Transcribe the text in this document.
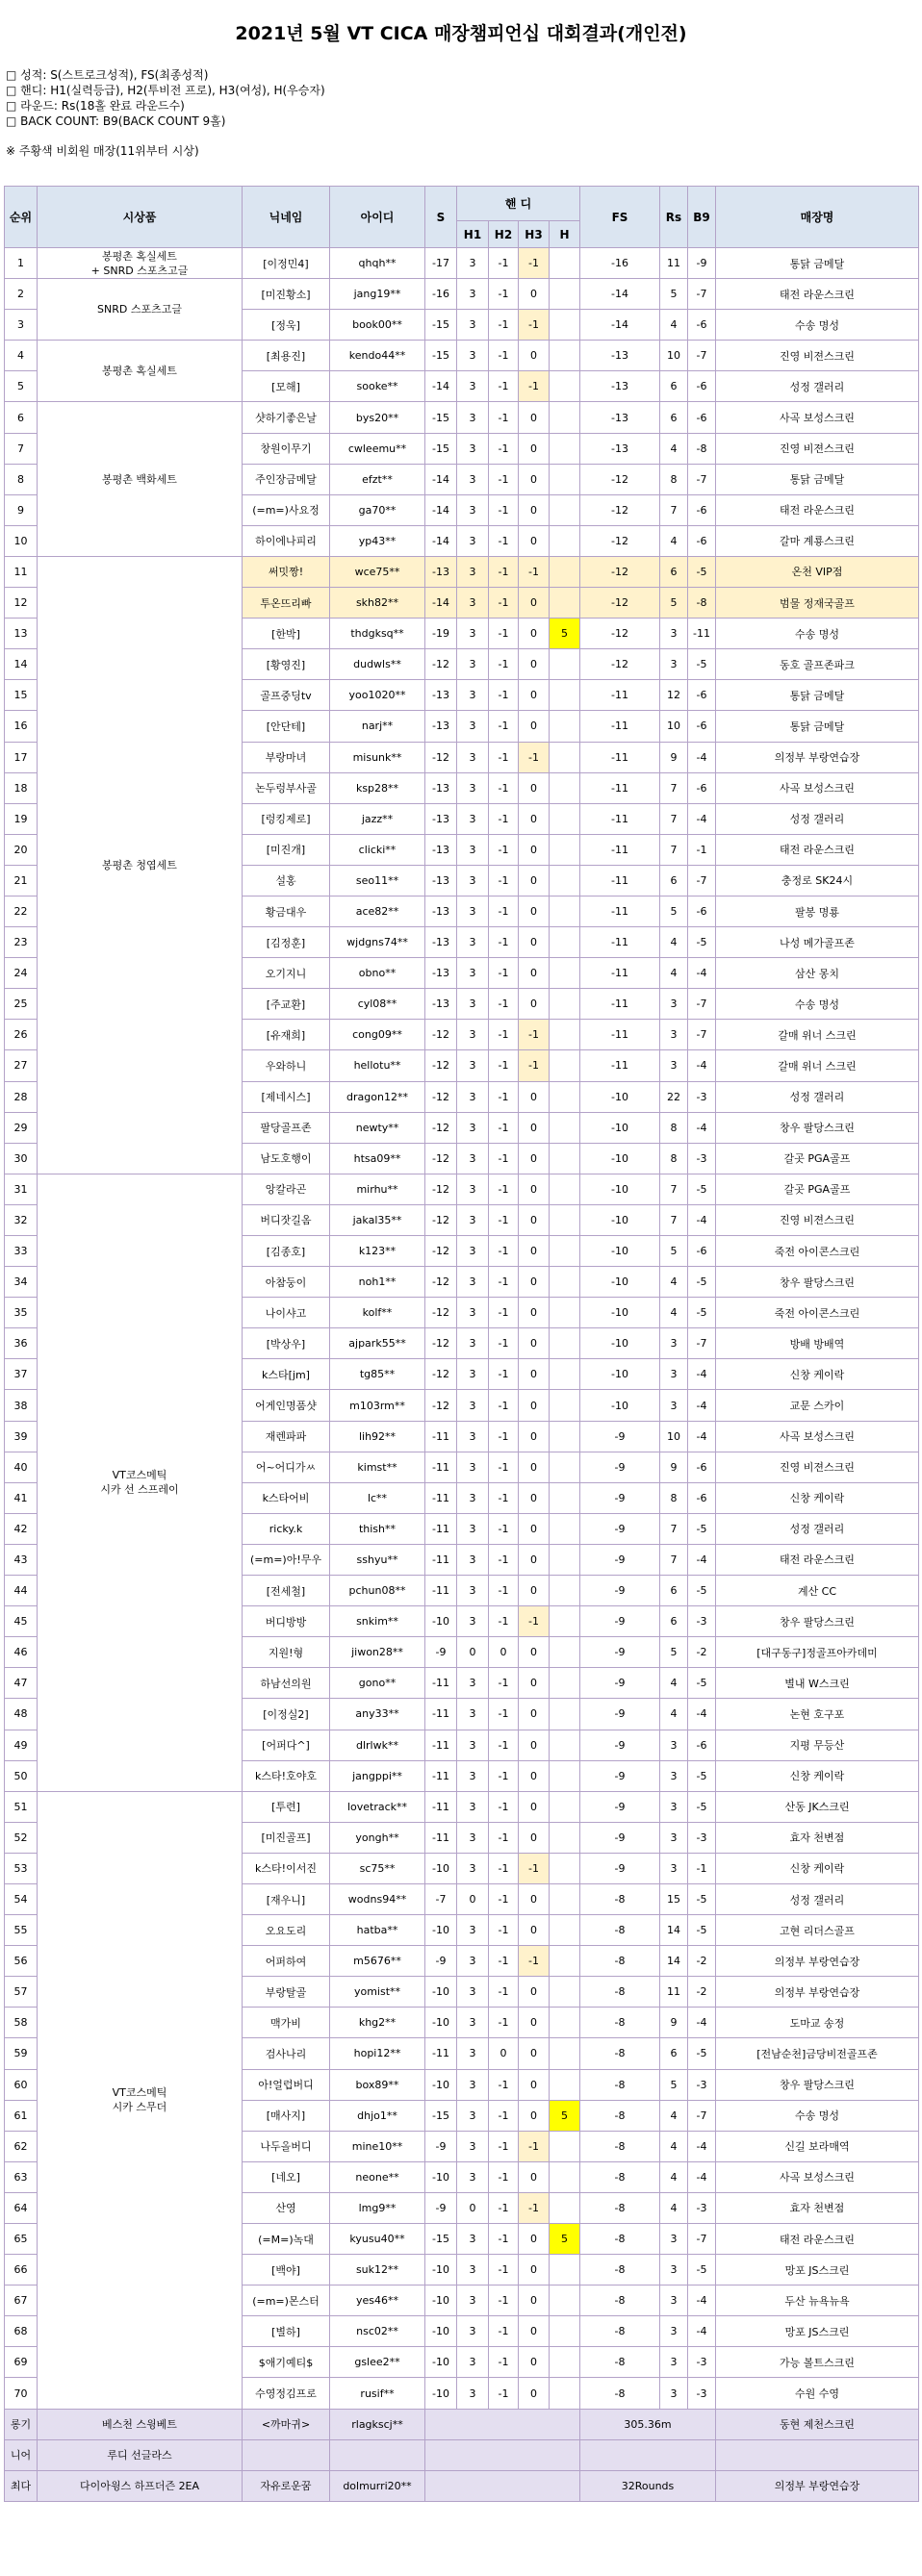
2021년 5월 VT CICA 매장챔피언십 대회결과(개인전)
□ 성적: S(스트로크성적), FS(최종성적)
□ 핸디: H1(실력등급), H2(투비전 프로), H3(여성), H(우승자)
□ 라운드: Rs(18홀 완료 라운드수)
□ BACK COUNT: B9(BACK COUNT 9홀)
※ 주황색 비회원 매장(11위부터 시상)
순위	시상품	닉네임	아이디	S	핸 디				FS	Rs	B9	매장명
					H1	H2	H3	H				
1	봉평촌 혹실세트
+ SNRD 스포츠고글	[이정민4]	qhqh**	-17	3	-1	-1		-16	11	-9	통닭 금메달
2	SNRD 스포츠고글	[미진황소]	jang19**	-16	3	-1	0		-14	5	-7	태전 라운스크린
3		[정욱]	book00**	-15	3	-1	-1		-14	4	-6	수송 명성
4	봉평촌 혹실세트	[최용진]	kendo44**	-15	3	-1	0		-13	10	-7	진영 비젼스크린
5		[모해]	sooke**	-14	3	-1	-1		-13	6	-6	성정 갤러리
6	봉평촌 백화세트	샷하기좋은날	bys20**	-15	3	-1	0		-13	6	-6	사곡 보성스크린
7		창원이무기	cwleemu**	-15	3	-1	0		-13	4	-8	진영 비젼스크린
8		주인장금메달	efzt**	-14	3	-1	0		-12	8	-7	통닭 금메달
9		(=m=)사요정	ga70**	-14	3	-1	0		-12	7	-6	태전 라운스크린
10		하이에나피리	yp43**	-14	3	-1	0		-12	4	-6	갈마 계룡스크린
11	봉평촌 청엽세트	써밋짱!	wce75**	-13	3	-1	-1		-12	6	-5	온천 VIP점
12		투온뜨리빠	skh82**	-14	3	-1	0		-12	5	-8	범물 정재국골프
13		[한박]	thdgksq**	-19	3	-1	0	5	-12	3	-11	수송 명성
14		[황영진]	dudwls**	-12	3	-1	0		-12	3	-5	동호 골프존파크
15		골프중딩tv	yoo1020**	-13	3	-1	0		-11	12	-6	통닭 금메달
16		[안단테]	narj**	-13	3	-1	0		-11	10	-6	통닭 금메달
17		부랑마녀	misunk**	-12	3	-1	-1		-11	9	-4	의정부 부랑연습장
18		논두렁부사골	ksp28**	-13	3	-1	0		-11	7	-6	사곡 보성스크린
19		[렁킹제로]	jazz**	-13	3	-1	0		-11	7	-4	성정 갤러리
20		[미진개]	clicki**	-13	3	-1	0		-11	7	-1	태전 라운스크린
21		설홍	seo11**	-13	3	-1	0		-11	6	-7	충정로 SK24시
22		황금대우	ace82**	-13	3	-1	0		-11	5	-6	팔봉 명룡
23		[김정훈]	wjdgns74**	-13	3	-1	0		-11	4	-5	나성 메가골프존
24		오기지니	obno**	-13	3	-1	0		-11	4	-4	삼산 몽치
25		[주교환]	cyl08**	-13	3	-1	0		-11	3	-7	수송 명성
26		[유재희]	cong09**	-12	3	-1	-1		-11	3	-7	갈매 위너 스크린
27		우와하니	hellotu**	-12	3	-1	-1		-11	3	-4	갈매 위너 스크린
28		[제네시스]	dragon12**	-12	3	-1	0		-10	22	-3	성정 갤러리
29		팔당골프존	newty**	-12	3	-1	0		-10	8	-4	창우 팔당스크린
30		남도호행이	htsa09**	-12	3	-1	0		-10	8	-3	갈곳 PGA골프
31	VT코스메틱
시카 선 스프레이	앙칼라곤	mirhu**	-12	3	-1	0		-10	7	-5	갈곳 PGA골프
32		버디잣길옴	jakal35**	-12	3	-1	0		-10	7	-4	진영 비젼스크린
33		[김종호]	k123**	-12	3	-1	0		-10	5	-6	죽전 아이콘스크린
34		아참둥이	noh1**	-12	3	-1	0		-10	4	-5	창우 팔당스크린
35		나이샤고	kolf**	-12	3	-1	0		-10	4	-5	죽전 아이콘스크린
36		[박상우]	ajpark55**	-12	3	-1	0		-10	3	-7	방배 방배역
37		k스타[jm]	tg85**	-12	3	-1	0		-10	3	-4	신창 케이락
38		어게인명품샷	m103rm**	-12	3	-1	0		-10	3	-4	교문 스카이
39		재렌파파	lih92**	-11	3	-1	0		-9	10	-4	사곡 보성스크린
40		어~어디가ㅆ	kimst**	-11	3	-1	0		-9	9	-6	진영 비젼스크린
41		k스타어비	lc**	-11	3	-1	0		-9	8	-6	신창 케이락
42		ricky.k	thish**	-11	3	-1	0		-9	7	-5	성정 갤러리
43		(=m=)아!무우	sshyu**	-11	3	-1	0		-9	7	-4	태전 라운스크린
44		[전세철]	pchun08**	-11	3	-1	0		-9	6	-5	계산 CC
45		버디방방	snkim**	-10	3	-1	-1		-9	6	-3	창우 팔당스크린
46		지원!형	jiwon28**	-9	0	0	0		-9	5	-2	[대구동구]정골프아카데미
47		하남선의원	gono**	-11	3	-1	0		-9	4	-5	별내 W스크린
48		[이정실2]	any33**	-11	3	-1	0		-9	4	-4	논현 호구포
49		[어퍼다^]	dlrlwk**	-11	3	-1	0		-9	3	-6	지평 무등산
50		k스타!호야호	jangppi**	-11	3	-1	0		-9	3	-5	신창 케이락
51	VT코스메틱
시카 스무더	[투련]	lovetrack**	-11	3	-1	0		-9	3	-5	산동 JK스크린
52		[미진골프]	yongh**	-11	3	-1	0		-9	3	-3	효자 천변점
53		k스타!이서진	sc75**	-10	3	-1	-1		-9	3	-1	신창 케이락
54		[재우니]	wodns94**	-7	0	-1	0		-8	15	-5	성정 갤러리
55		오요도리	hatba**	-10	3	-1	0		-8	14	-5	고현 리더스골프
56		어퍼하여	m5676**	-9	3	-1	-1		-8	14	-2	의정부 부랑연습장
57		부랑탈골	yomist**	-10	3	-1	0		-8	11	-2	의정부 부랑연습장
58		맥가비	khg2**	-10	3	-1	0		-8	9	-4	도마교 송정
59		검사나리	hopi12**	-11	3	0	0		-8	6	-5	[전남순천]금당비전골프존
60		아!얼럽버디	box89**	-10	3	-1	0		-8	5	-3	창우 팔당스크린
61		[매사지]	dhjo1**	-15	3	-1	0	5	-8	4	-7	수송 명성
62		나두올버디	mine10**	-9	3	-1	-1		-8	4	-4	신길 보라매역
63		[네오]	neone**	-10	3	-1	0		-8	4	-4	사곡 보성스크린
64		산영	lmg9**	-9	0	-1	-1		-8	4	-3	효자 천변점
65		(=M=)녹대	kyusu40**	-15	3	-1	0	5	-8	3	-7	태전 라운스크린
66		[백야]	suk12**	-10	3	-1	0		-8	3	-5	망포 JS스크린
67		(=m=)몬스터	yes46**	-10	3	-1	0		-8	3	-4	두산 뉴욕뉴욕
68		[별하]	nsc02**	-10	3	-1	0		-8	3	-4	망포 JS스크린
69		$애기예티$	gslee2**	-10	3	-1	0		-8	3	-3	가능 볼트스크린
70		수영정김프로	rusif**	-10	3	-1	0		-8	3	-3	수원 수영
롱기	베스천 스윙베트	<까마귀>	rlagkscj**						305.36m			동현 제천스크린
니어	루디 선글라스											
최다	다이아윙스 하프더즌 2EA	자유로운꿈	dolmurri20**						32Rounds			의정부 부랑연습장
